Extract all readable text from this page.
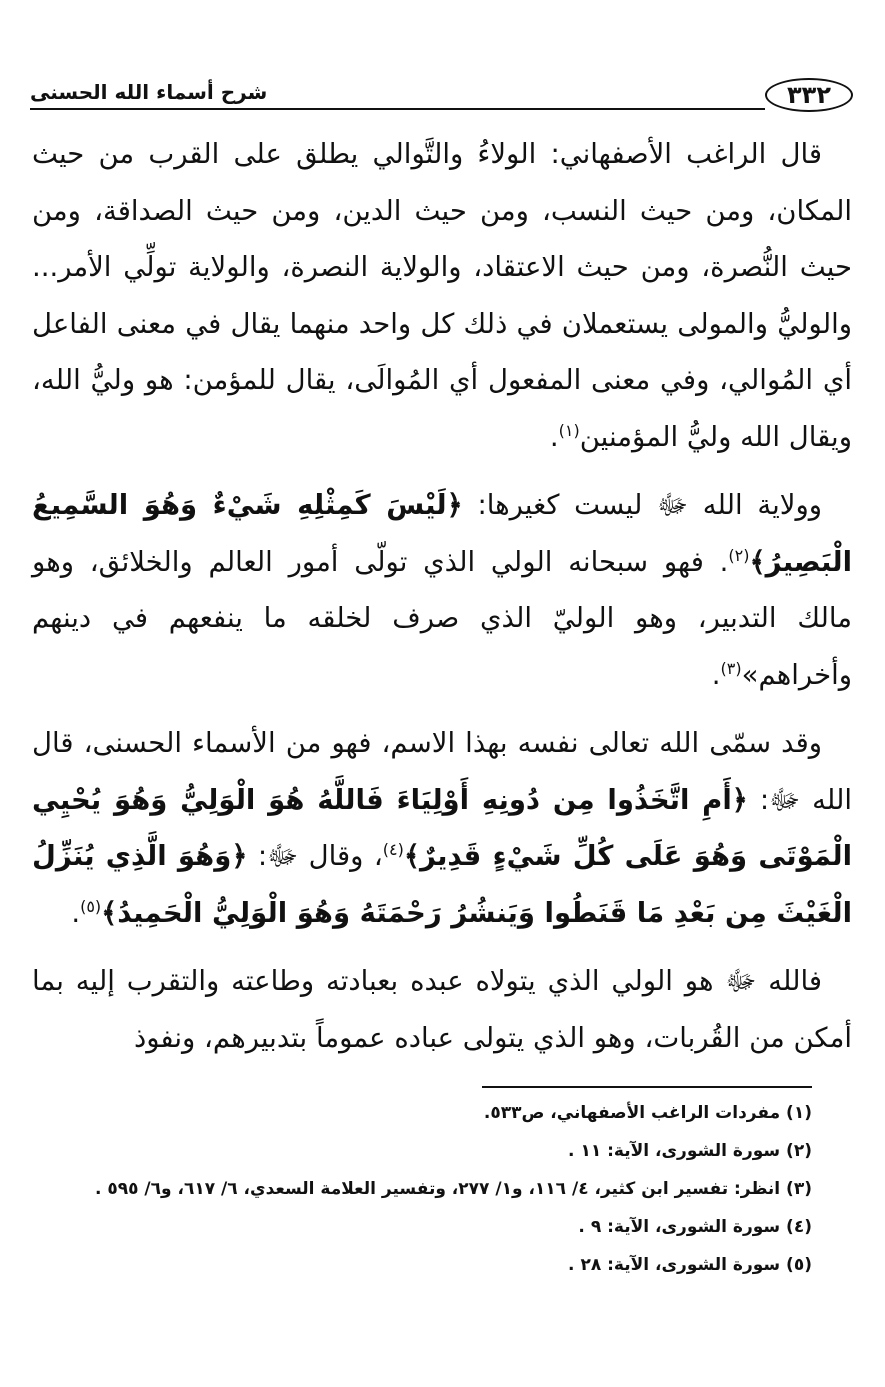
شرح أسماء الله الحسنى	٣٣٢

قال الراغب الأصفهاني: الولاءُ والتَّوالي يطلق على القرب من حيث المكان، ومن حيث النسب، ومن حيث الدين، ومن حيث الصداقة، ومن حيث النُّصرة، ومن حيث الاعتقاد، والولاية النصرة، والولاية تولِّي الأمر... والوليُّ والمولى يستعملان في ذلك كل واحد منهما يقال في معنى الفاعل أي المُوالي، وفي معنى المفعول أي المُوالَى، يقال للمؤمن: هو وليُّ الله، ويقال الله وليُّ المؤمنين$^{(١)}$.

وولاية الله ﷻ ليست كغيرها: ﴿لَيْسَ كَمِثْلِهِ شَيْءٌ وَهُوَ السَّمِيعُ الْبَصِيرُ﴾$^{(٢)}$. فهو سبحانه الولي الذي تولّى أمور العالم والخلائق، وهو مالك التدبير، وهو الوليّ الذي صرف لخلقه ما ينفعهم في دينهم وأخراهم»$^{(٣)}$.

وقد سمّى الله تعالى نفسه بهذا الاسم، فهو من الأسماء الحسنى، قال الله ﷻ: ﴿أَمِ اتَّخَذُوا مِن دُونِهِ أَوْلِيَاءَ فَاللَّهُ هُوَ الْوَلِيُّ وَهُوَ يُحْيِي الْمَوْتَى وَهُوَ عَلَى كُلِّ شَيْءٍ قَدِيرٌ﴾$^{(٤)}$، وقال ﷻ: ﴿وَهُوَ الَّذِي يُنَزِّلُ الْغَيْثَ مِن بَعْدِ مَا قَنَطُوا وَيَنشُرُ رَحْمَتَهُ وَهُوَ الْوَلِيُّ الْحَمِيدُ﴾$^{(٥)}$.

فالله ﷻ هو الولي الذي يتولاه عبده بعبادته وطاعته والتقرب إليه بما أمكن من القُربات، وهو الذي يتولى عباده عموماً بتدبيرهم، ونفوذ

(١) مفردات الراغب الأصفهاني، ص٥٣٣.

(٢) سورة الشورى، الآية: ١١ .

(٣) انظر: تفسير ابن كثير، ٤/ ١١٦، و١/ ٢٧٧، وتفسير العلامة السعدي، ٦/ ٦١٧، و٦/ ٥٩٥ .

(٤) سورة الشورى، الآية: ٩ .

(٥) سورة الشورى، الآية: ٢٨ .
